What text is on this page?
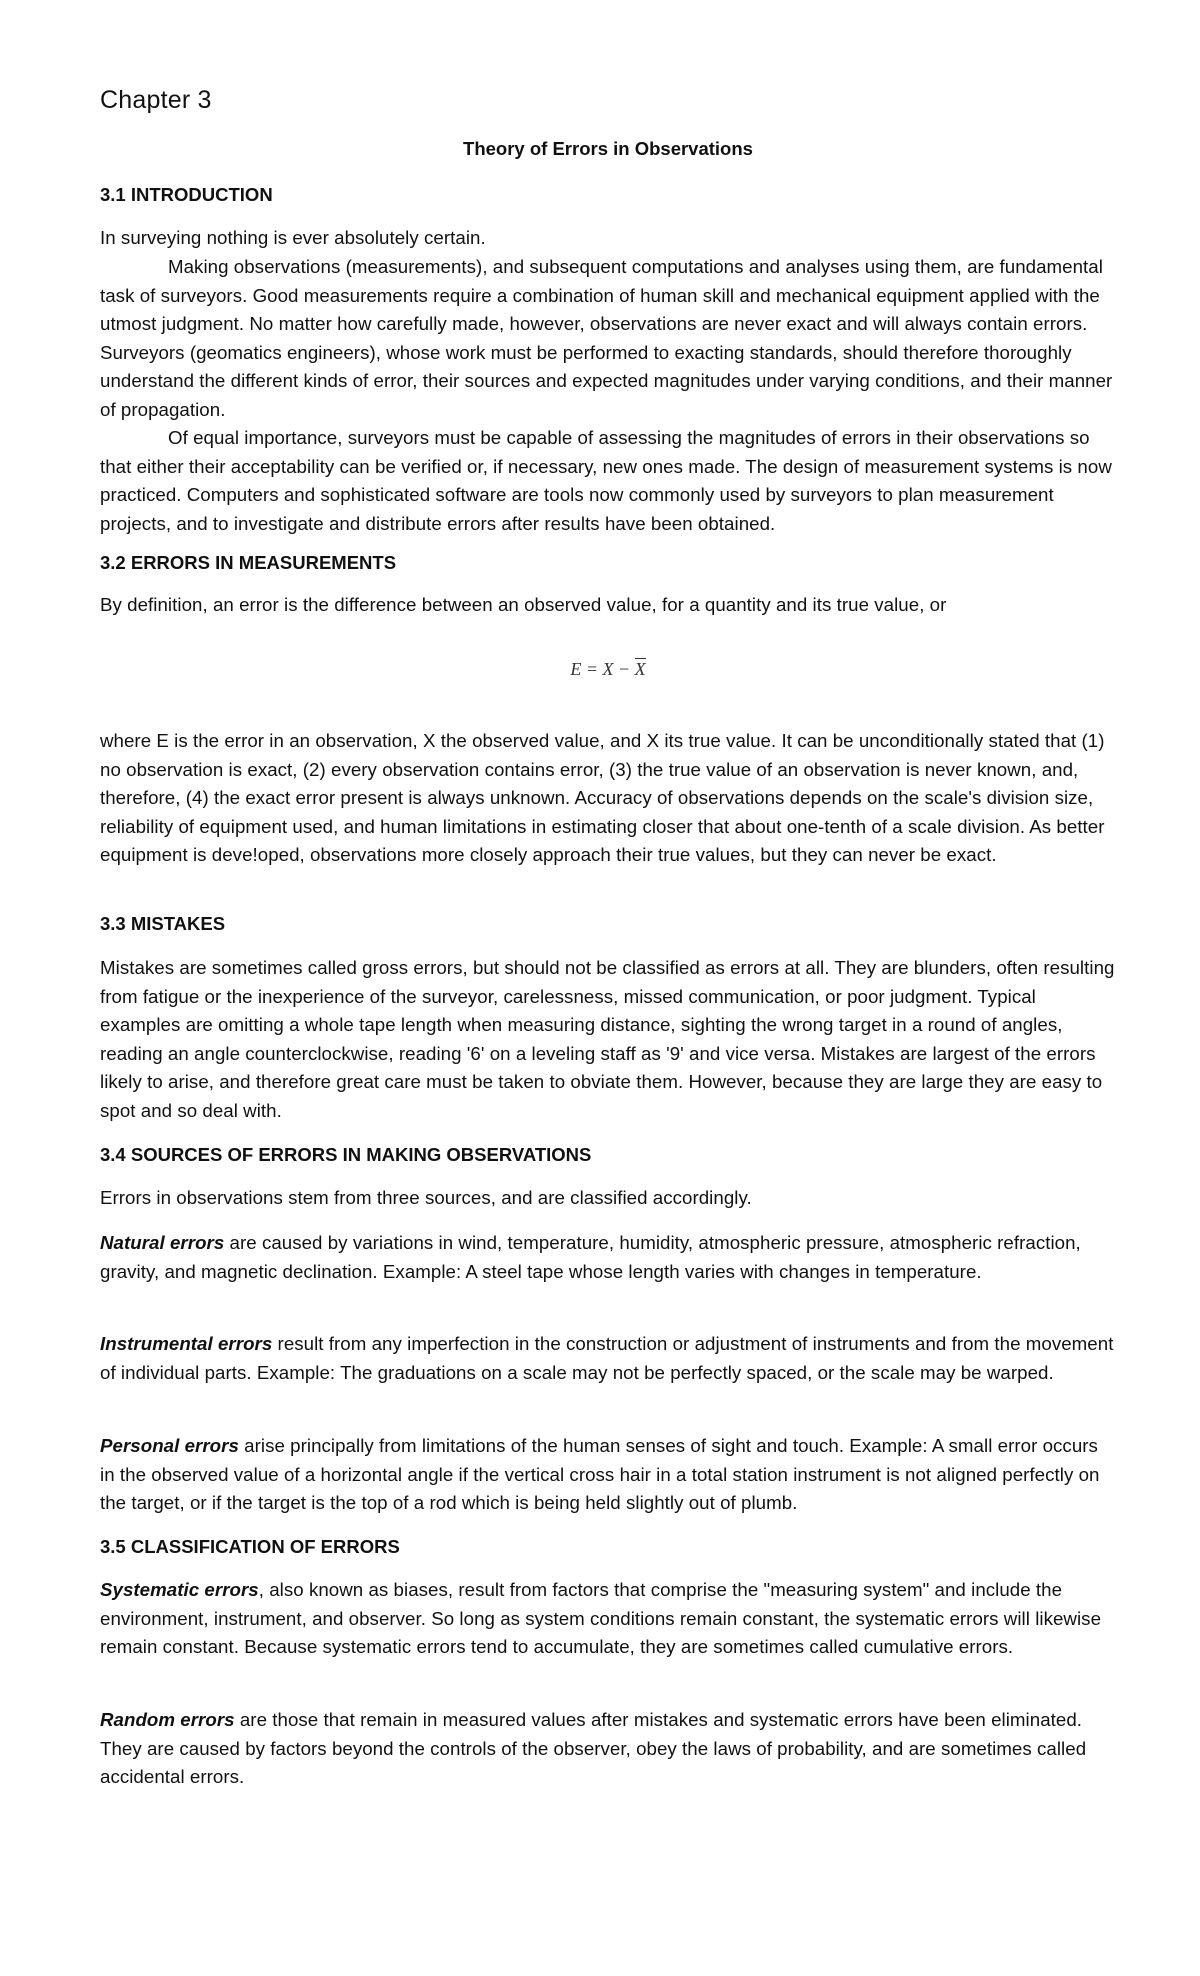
Chapter 3
Theory of Errors in Observations
3.1 INTRODUCTION

In surveying nothing is ever absolutely certain.

Making observations (measurements), and subsequent computations and analyses using them, are fundamental task of surveyors. Good measurements require a combination of human skill and mechanical equipment applied with the utmost judgment. No matter how carefully made, however, observations are never exact and will always contain errors. Surveyors (geomatics engineers), whose work must be performed to exacting standards, should therefore thoroughly understand the different kinds of error, their sources and expected magnitudes under varying conditions, and their manner of propagation.

Of equal importance, surveyors must be capable of assessing the magnitudes of errors in their observations so that either their acceptability can be verified or, if necessary, new ones made. The design of measurement systems is now practiced. Computers and sophisticated software are tools now commonly used by surveyors to plan measurement projects, and to investigate and distribute errors after results have been obtained.

3.2 ERRORS IN MEASUREMENTS

By definition, an error is the difference between an observed value, for a quantity and its true value, or

E = X − X

where E is the error in an observation, X the observed value, and X its true value. It can be unconditionally stated that (1) no observation is exact, (2) every observation contains error, (3) the true value of an observation is never known, and, therefore, (4) the exact error present is always unknown. Accuracy of observations depends on the scale's division size, reliability of equipment used, and human limitations in estimating closer that about one-tenth of a scale division. As better equipment is deve!oped, observations more closely approach their true values, but they can never be exact.

3.3 MISTAKES

Mistakes are sometimes called gross errors, but should not be classified as errors at all. They are blunders, often resulting from fatigue or the inexperience of the surveyor, carelessness, missed communication, or poor judgment. Typical examples are omitting a whole tape length when measuring distance, sighting the wrong target in a round of angles, reading an angle counterclockwise, reading '6' on a leveling staff as '9' and vice versa. Mistakes are largest of the errors likely to arise, and therefore great care must be taken to obviate them. However, because they are large they are easy to spot and so deal with.

3.4 SOURCES OF ERRORS IN MAKING OBSERVATIONS

Errors in observations stem from three sources, and are classified accordingly.

Natural errors are caused by variations in wind, temperature, humidity, atmospheric pressure, atmospheric refraction, gravity, and magnetic declination. Example: A steel tape whose length varies with changes in temperature.

Instrumental errors result from any imperfection in the construction or adjustment of instruments and from the movement of individual parts. Example: The graduations on a scale may not be perfectly spaced, or the scale may be warped.

Personal errors arise principally from limitations of the human senses of sight and touch. Example: A small error occurs in the observed value of a horizontal angle if the vertical cross hair in a total station instrument is not aligned perfectly on the target, or if the target is the top of a rod which is being held slightly out of plumb.

3.5 CLASSIFICATION OF ERRORS

Systematic errors, also known as biases, result from factors that comprise the "measuring system" and include the environment, instrument, and observer. So long as system conditions remain constant, the systematic errors will likewise remain constant. Because systematic errors tend to accumulate, they are sometimes called cumulative errors.

Random errors are those that remain in measured values after mistakes and systematic errors have been eliminated. They are caused by factors beyond the controls of the observer, obey the laws of probability, and are sometimes called accidental errors.
